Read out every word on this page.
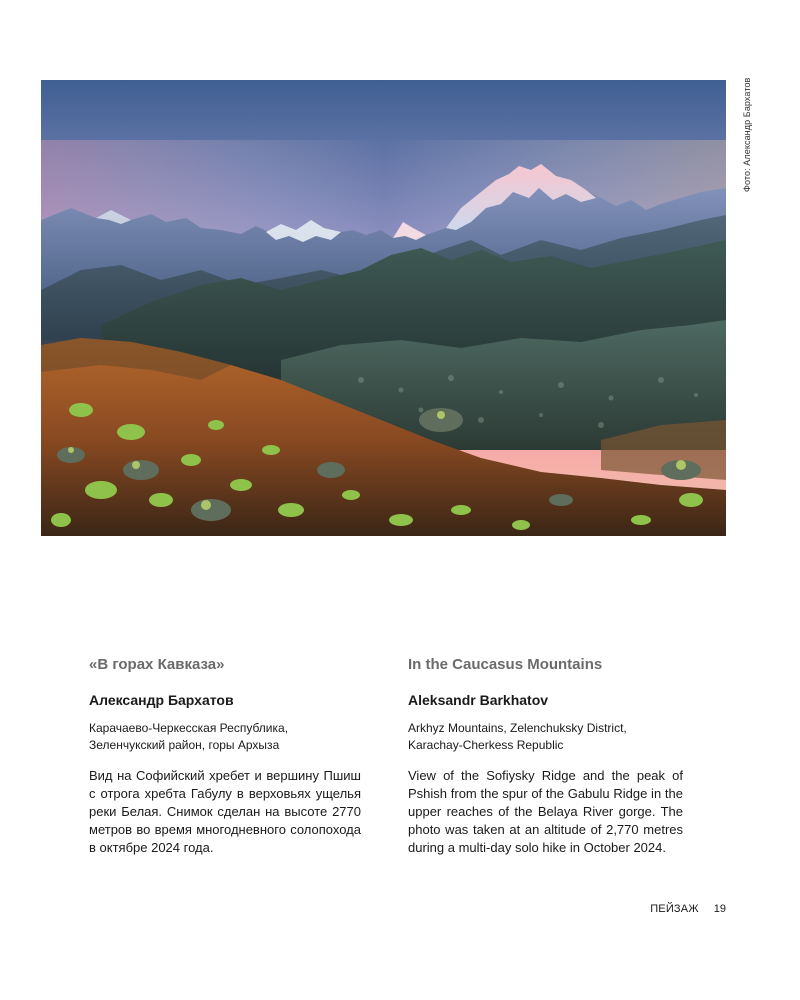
Фото: Александр Бархатов
«В горах Кавказа»
Александр Бархатов
Карачаево-Черкесская Республика,
Зеленчукский район, горы Архыза

Вид на Софийский хребет и вершину Пшиш с отрога хребта Габулу в верховьях ущелья реки Белая. Снимок сделан на высоте 2770 метров во время многодневного солопохода в октябре 2024 года.

In the Caucasus Mountains
Aleksandr Barkhatov
Arkhyz Mountains, Zelenchuksky District,
Karachay-Cherkess Republic

View of the Sofiysky Ridge and the peak of Pshish from the spur of the Gabulu Ridge in the upper reaches of the Belaya River gorge. The photo was taken at an altitude of 2,770 metres during a multi-day solo hike in October 2024.

ПЕЙЗАЖ 19
